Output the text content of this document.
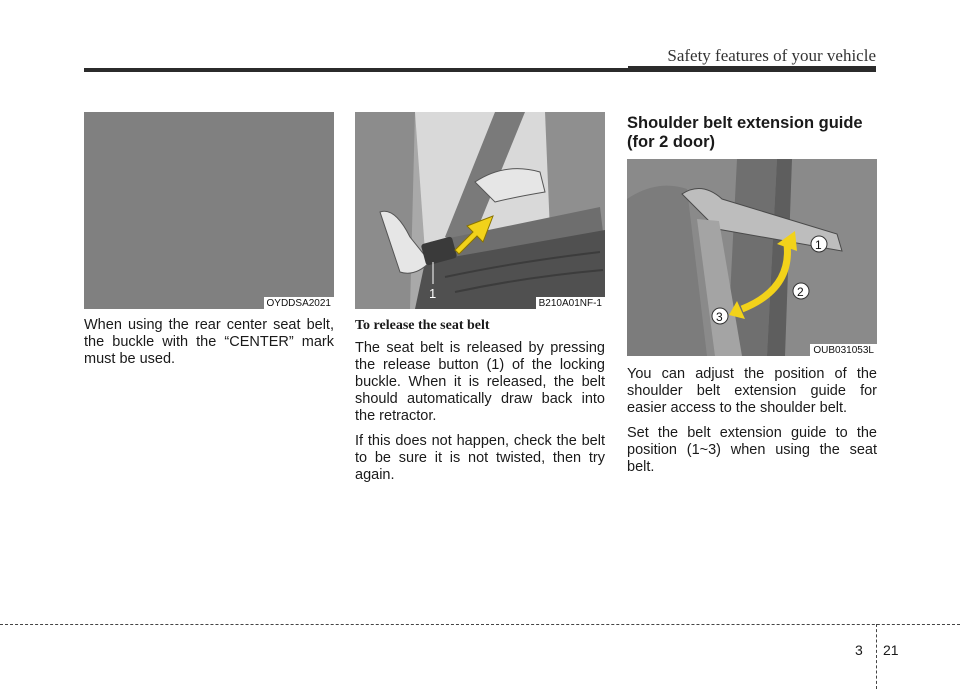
Safety features of your vehicle
OYDDSA2021

When using the rear center seat belt, the buckle with the “CENTER” mark must be used.

1
B210A01NF-1

To release the seat belt

The seat belt is released by pressing the release button (1) of the locking buckle. When it is released, the belt should automatically draw back into the retractor.

If this does not happen, check the belt to be sure it is not twisted, then try again.

Shoulder belt extension guide (for 2 door)
1
2
3
OUB031053L

You can adjust the position of the shoulder belt extension guide for easier access to the shoulder belt.

Set the belt extension guide to the position (1~3) when using the seat belt.

3 21
